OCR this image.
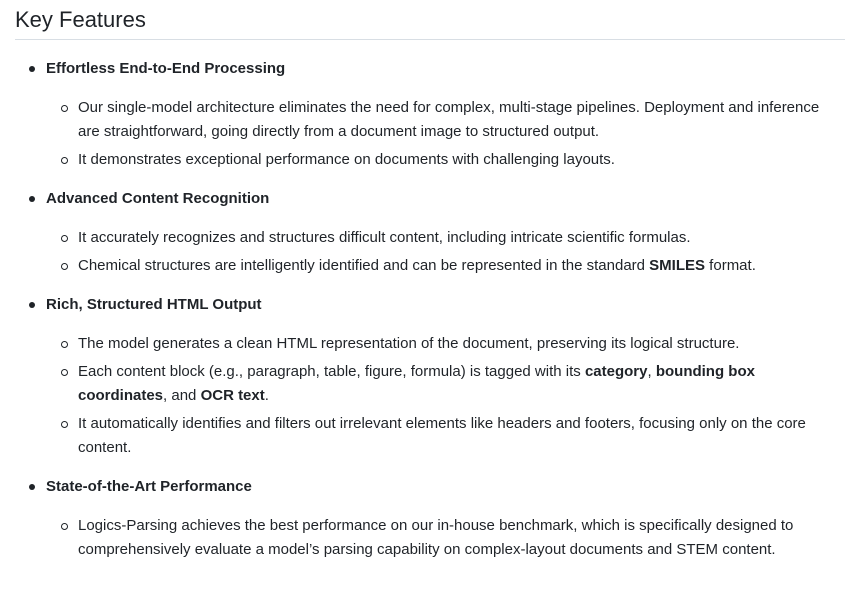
Key Features
Effortless End-to-End Processing
Our single-model architecture eliminates the need for complex, multi-stage pipelines. Deployment and inference are straightforward, going directly from a document image to structured output.
It demonstrates exceptional performance on documents with challenging layouts.
Advanced Content Recognition
It accurately recognizes and structures difficult content, including intricate scientific formulas.
Chemical structures are intelligently identified and can be represented in the standard SMILES format.
Rich, Structured HTML Output
The model generates a clean HTML representation of the document, preserving its logical structure.
Each content block (e.g., paragraph, table, figure, formula) is tagged with its category, bounding box coordinates, and OCR text.
It automatically identifies and filters out irrelevant elements like headers and footers, focusing only on the core content.
State-of-the-Art Performance
Logics-Parsing achieves the best performance on our in-house benchmark, which is specifically designed to comprehensively evaluate a model’s parsing capability on complex-layout documents and STEM content.
